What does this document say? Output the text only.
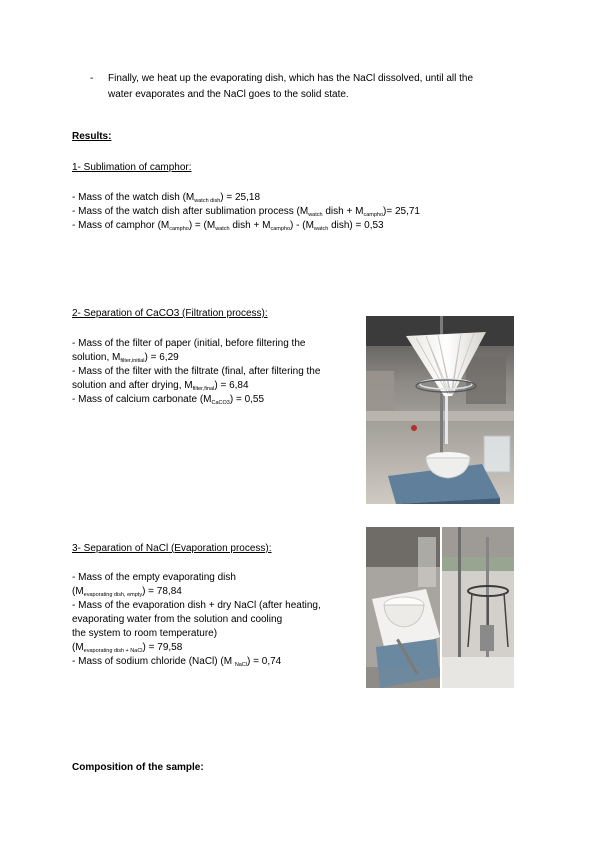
- Finally, we heat up the evaporating dish, which has the NaCl dissolved, until all the
water evaporates and the NaCl goes to the solid state.
Results:
1- Sublimation of camphor:
- Mass of the watch dish $(M_{watch dish}) = 25,18$
- Mass of the watch dish after sublimation process ($M_{watch}$ dish + $M_{campho})= 25,71$
- Mass of camphor $(M_{campho}) = (M_{watch}$ dish + $M_{campho}) - (M_{watch}$ dish) = 0,53
2- Separation of CaCO3 (Filtration process):
- Mass of the filter of paper (initial, before filtering the
solution, $M_{filter,initial}) = 6,29$
- Mass of the filter with the filtrate (final, after filtering the
solution and after drying, $M_{filter,final}) = 6,84$
- Mass of calcium carbonate $(M_{CaCO3}) = 0,55$
3- Separation of NaCl (Evaporation process):
- Mass of the empty evaporating dish
$(M_{evaporating dish, empty}) = 78,84$
- Mass of the evaporation dish + dry NaCl (after heating,
evaporating water from the solution and cooling
the system to room temperature)
$(M_{evaporating dish + NaCl}) = 79,58$
- Mass of sodium chloride (NaCl) (M $_{NaCl}$) = 0,74
Composition of the sample:
